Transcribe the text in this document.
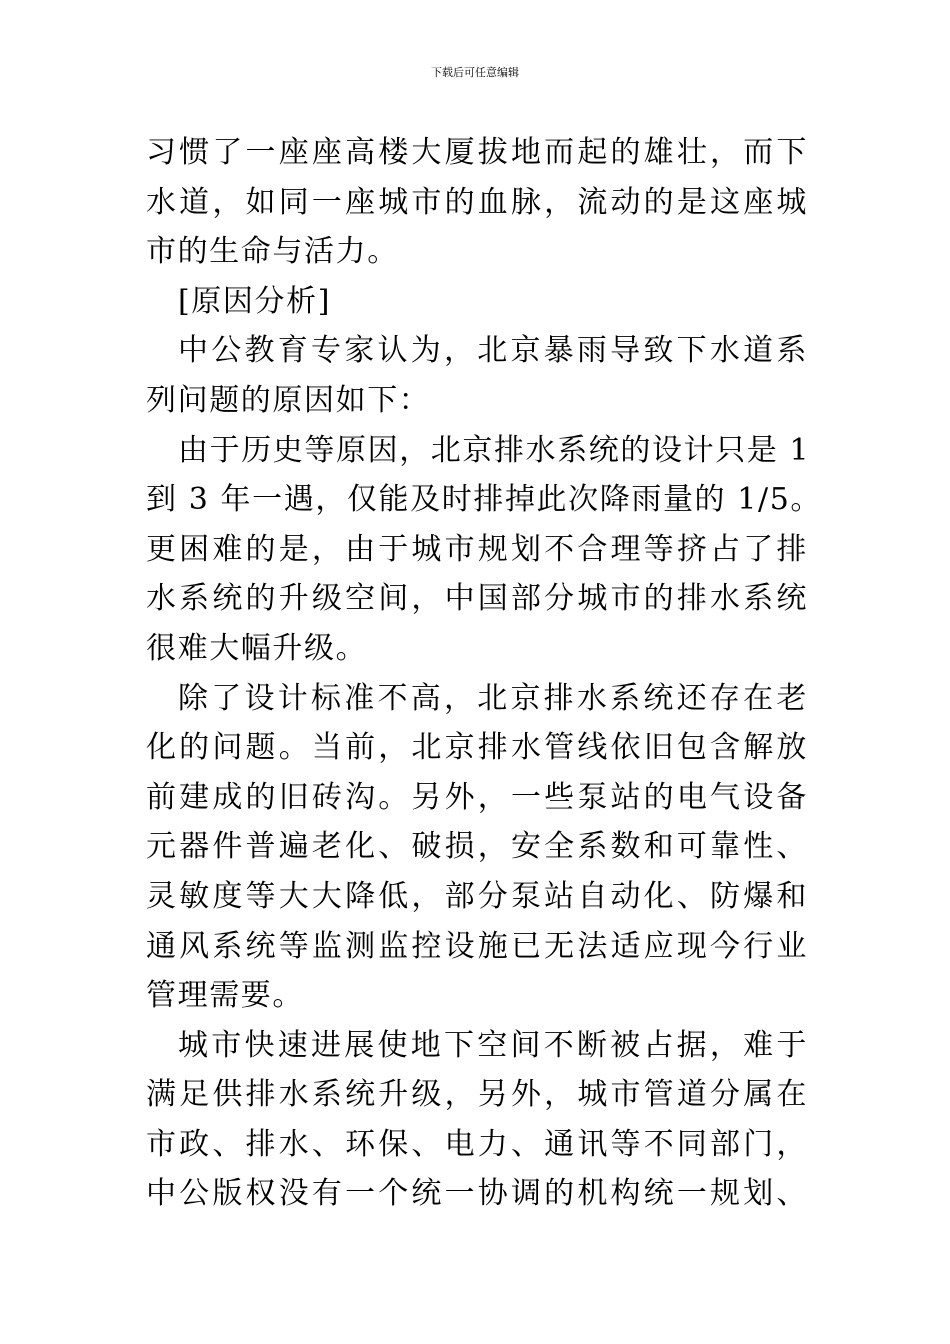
下载后可任意编辑
习惯了一座座高楼大厦拔地而起的雄壮，而下
水道，如同一座城市的血脉，流动的是这座城
市的生命与活力。
[原因分析]
中公教育专家认为，北京暴雨导致下水道系
列问题的原因如下：
由于历史等原因，北京排水系统的设计只是 1
到 3 年一遇，仅能及时排掉此次降雨量的 1/5。
更困难的是，由于城市规划不合理等挤占了排
水系统的升级空间，中国部分城市的排水系统
很难大幅升级。
除了设计标准不高，北京排水系统还存在老
化的问题。当前，北京排水管线依旧包含解放
前建成的旧砖沟。另外，一些泵站的电气设备
元器件普遍老化、破损，安全系数和可靠性、
灵敏度等大大降低，部分泵站自动化、防爆和
通风系统等监测监控设施已无法适应现今行业
管理需要。
城市快速进展使地下空间不断被占据，难于
满足供排水系统升级，另外，城市管道分属在
市政、排水、环保、电力、通讯等不同部门，
中公版权没有一个统一协调的机构统一规划、
